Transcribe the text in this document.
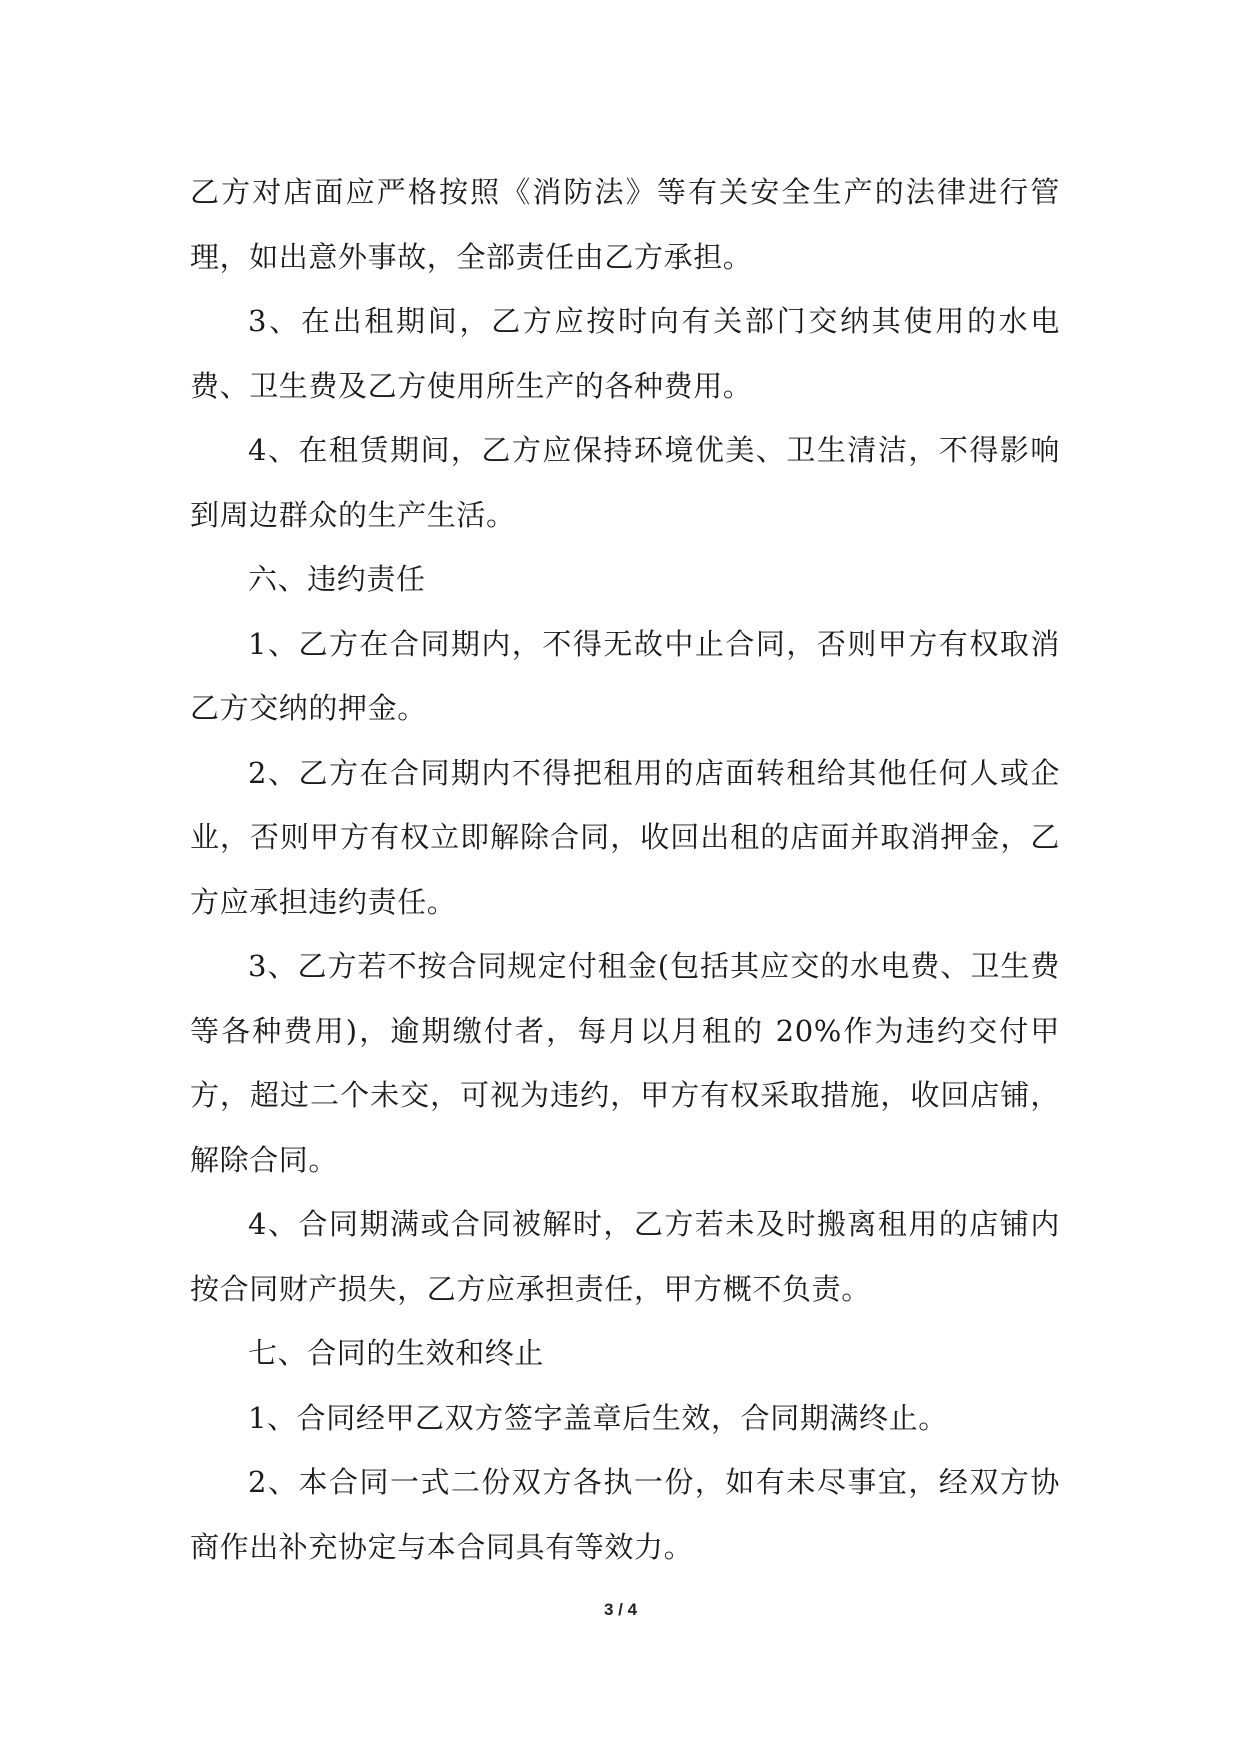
乙方对店面应严格按照《消防法》等有关安全生产的法律进行管理，如出意外事故，全部责任由乙方承担。

3、在出租期间，乙方应按时向有关部门交纳其使用的水电费、卫生费及乙方使用所生产的各种费用。

4、在租赁期间，乙方应保持环境优美、卫生清洁，不得影响到周边群众的生产生活。

六、违约责任

1、乙方在合同期内，不得无故中止合同，否则甲方有权取消乙方交纳的押金。

2、乙方在合同期内不得把租用的店面转租给其他任何人或企业，否则甲方有权立即解除合同，收回出租的店面并取消押金，乙方应承担违约责任。

3、乙方若不按合同规定付租金(包括其应交的水电费、卫生费等各种费用)，逾期缴付者，每月以月租的 20%作为违约交付甲方，超过二个未交，可视为违约，甲方有权采取措施，收回店铺，解除合同。

4、合同期满或合同被解时，乙方若未及时搬离租用的店铺内按合同财产损失，乙方应承担责任，甲方概不负责。

七、合同的生效和终止

1、合同经甲乙双方签字盖章后生效，合同期满终止。

2、本合同一式二份双方各执一份，如有未尽事宜，经双方协商作出补充协定与本合同具有等效力。

3 / 4
